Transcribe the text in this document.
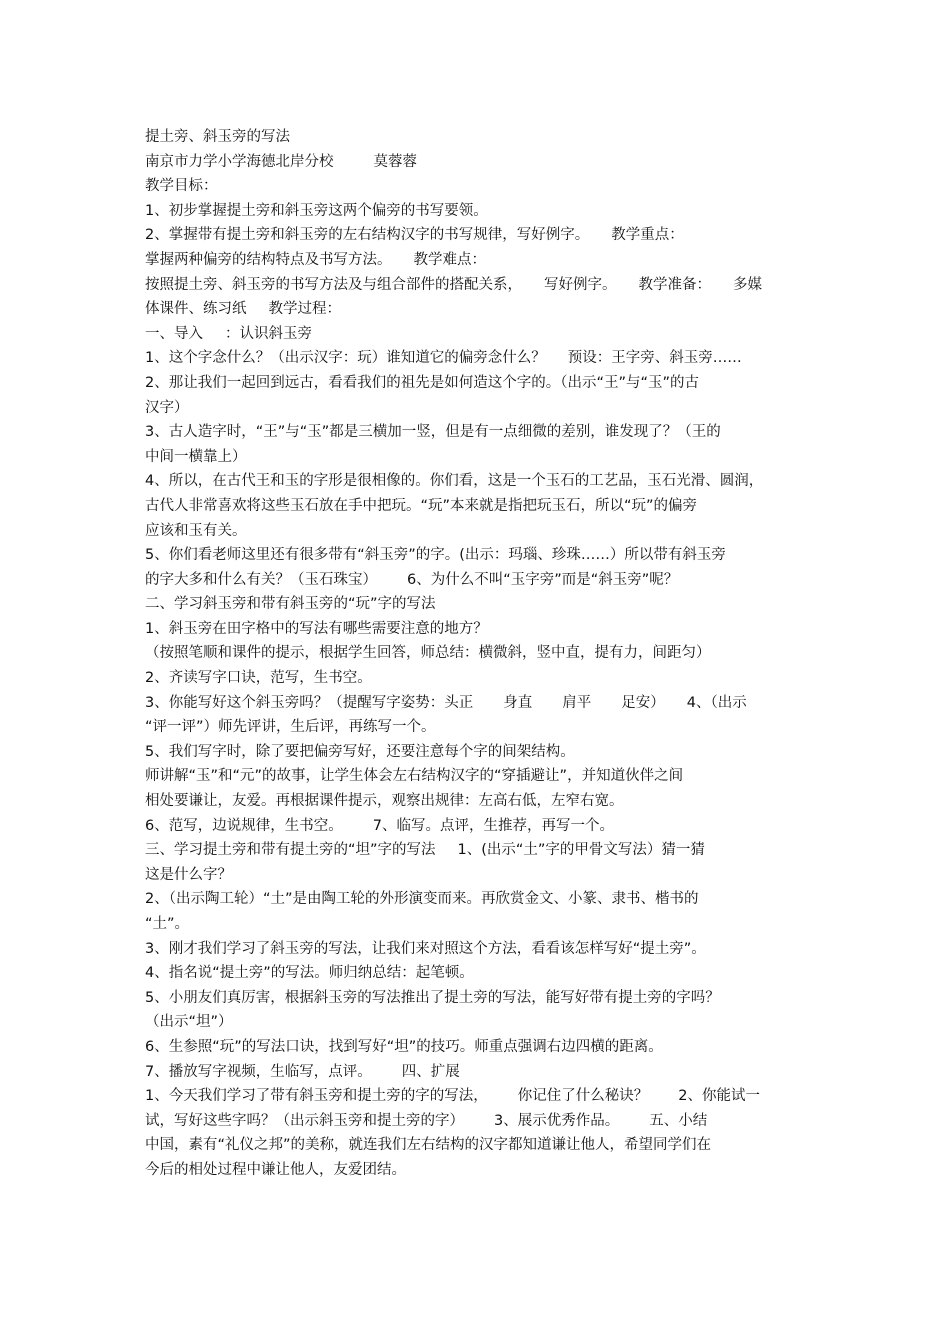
提土旁、斜玉旁的写法

南京市力学小学海德北岸分校	莫蓉蓉

教学目标：

1、初步掌握提土旁和斜玉旁这两个偏旁的书写要领。

2、掌握带有提土旁和斜玉旁的左右结构汉字的书写规律，写好例字。 教学重点：

掌握两种偏旁的结构特点及书写方法。 教学难点：

按照提土旁、斜玉旁的书写方法及与组合部件的搭配关系， 写好例字。 教学准备： 多媒

体课件、练习纸 教学过程：

一、导入 ：认识斜玉旁

1、这个字念什么？（出示汉字：玩）谁知道它的偏旁念什么？ 预设：王字旁、斜玉旁……

2、那让我们一起回到远古，看看我们的祖先是如何造这个字的。（出示“王”与“玉”的古

汉字）

3、古人造字时，“王”与“玉”都是三横加一竖，但是有一点细微的差别，谁发现了？（王的

中间一横靠上）

4、所以，在古代王和玉的字形是很相像的。你们看，这是一个玉石的工艺品，玉石光滑、圆润，

古代人非常喜欢将这些玉石放在手中把玩。“玩”本来就是指把玩玉石，所以“玩”的偏旁

应该和玉有关。

5、你们看老师这里还有很多带有“斜玉旁”的字。(出示：玛瑙、珍珠……）所以带有斜玉旁

的字大多和什么有关？（玉石珠宝） 6、为什么不叫“玉字旁”而是“斜玉旁”呢？

二、学习斜玉旁和带有斜玉旁的“玩”字的写法

1、斜玉旁在田字格中的写法有哪些需要注意的地方？

（按照笔顺和课件的提示，根据学生回答，师总结：横微斜，竖中直，提有力，间距匀）

2、齐读写字口诀，范写，生书空。

3、你能写好这个斜玉旁吗？（提醒写字姿势：头正 身直 肩平 足安） 4、（出示

“评一评”）师先评讲，生后评，再练写一个。

5、我们写字时，除了要把偏旁写好，还要注意每个字的间架结构。

师讲解“玉”和“元”的故事，让学生体会左右结构汉字的“穿插避让”，并知道伙伴之间

相处要谦让，友爱。再根据课件提示，观察出规律：左高右低，左窄右宽。

6、范写，边说规律，生书空。 7、临写。点评，生推荐，再写一个。

三、学习提土旁和带有提土旁的“坦”字的写法 1、(出示“土”字的甲骨文写法）猜一猜

这是什么字？

2、（出示陶工轮）“土”是由陶工轮的外形演变而来。再欣赏金文、小篆、隶书、楷书的

“土”。

3、刚才我们学习了斜玉旁的写法，让我们来对照这个方法，看看该怎样写好“提土旁”。

4、指名说“提土旁”的写法。师归纳总结：起笔顿。

5、小朋友们真厉害，根据斜玉旁的写法推出了提土旁的写法，能写好带有提土旁的字吗？

（出示“坦”）

6、生参照“玩”的写法口诀，找到写好“坦”的技巧。师重点强调右边四横的距离。

7、播放写字视频，生临写，点评。 四、扩展

1、今天我们学习了带有斜玉旁和提土旁的字的写法， 你记住了什么秘诀？ 2、你能试一

试，写好这些字吗？（出示斜玉旁和提土旁的字） 3、展示优秀作品。 五、小结

中国，素有“礼仪之邦”的美称，就连我们左右结构的汉字都知道谦让他人，希望同学们在

今后的相处过程中谦让他人，友爱团结。
